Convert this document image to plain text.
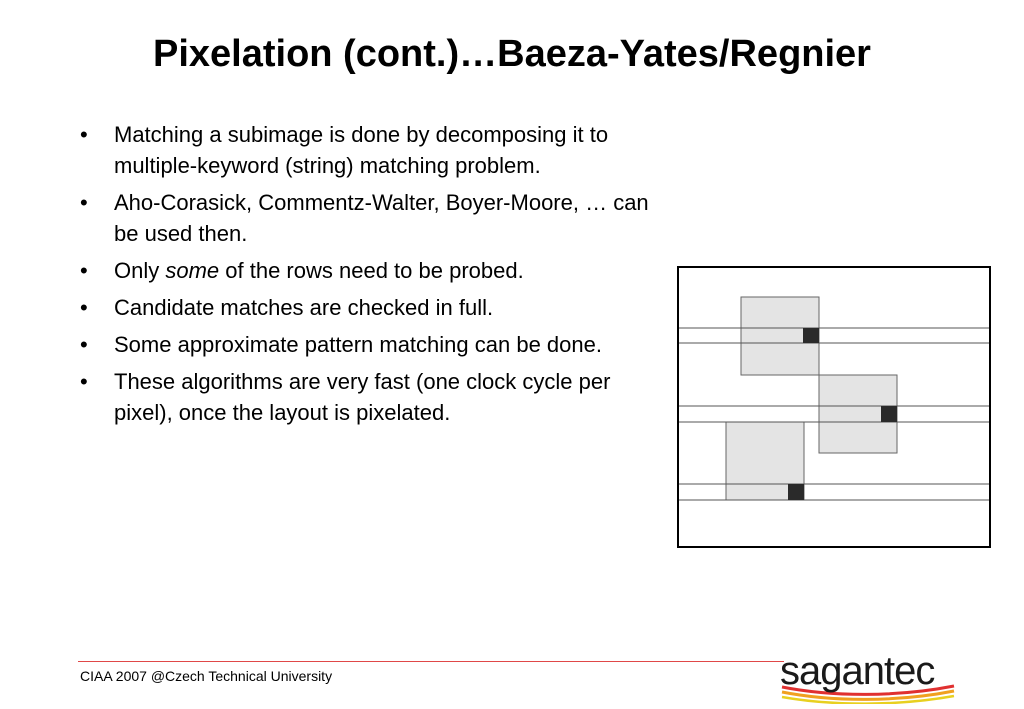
Pixelation (cont.)…Baeza-Yates/Regnier
• Matching a subimage is done by decomposing it to multiple-keyword (string) matching problem.
• Aho-Corasick, Commentz-Walter, Boyer-Moore, … can be used then.
• Only some of the rows need to be probed.
• Candidate matches are checked in full.
• Some approximate pattern matching can be done.
• These algorithms are very fast (one clock cycle per pixel), once the layout is pixelated.
CIAA 2007 @Czech Technical University	sagantec
